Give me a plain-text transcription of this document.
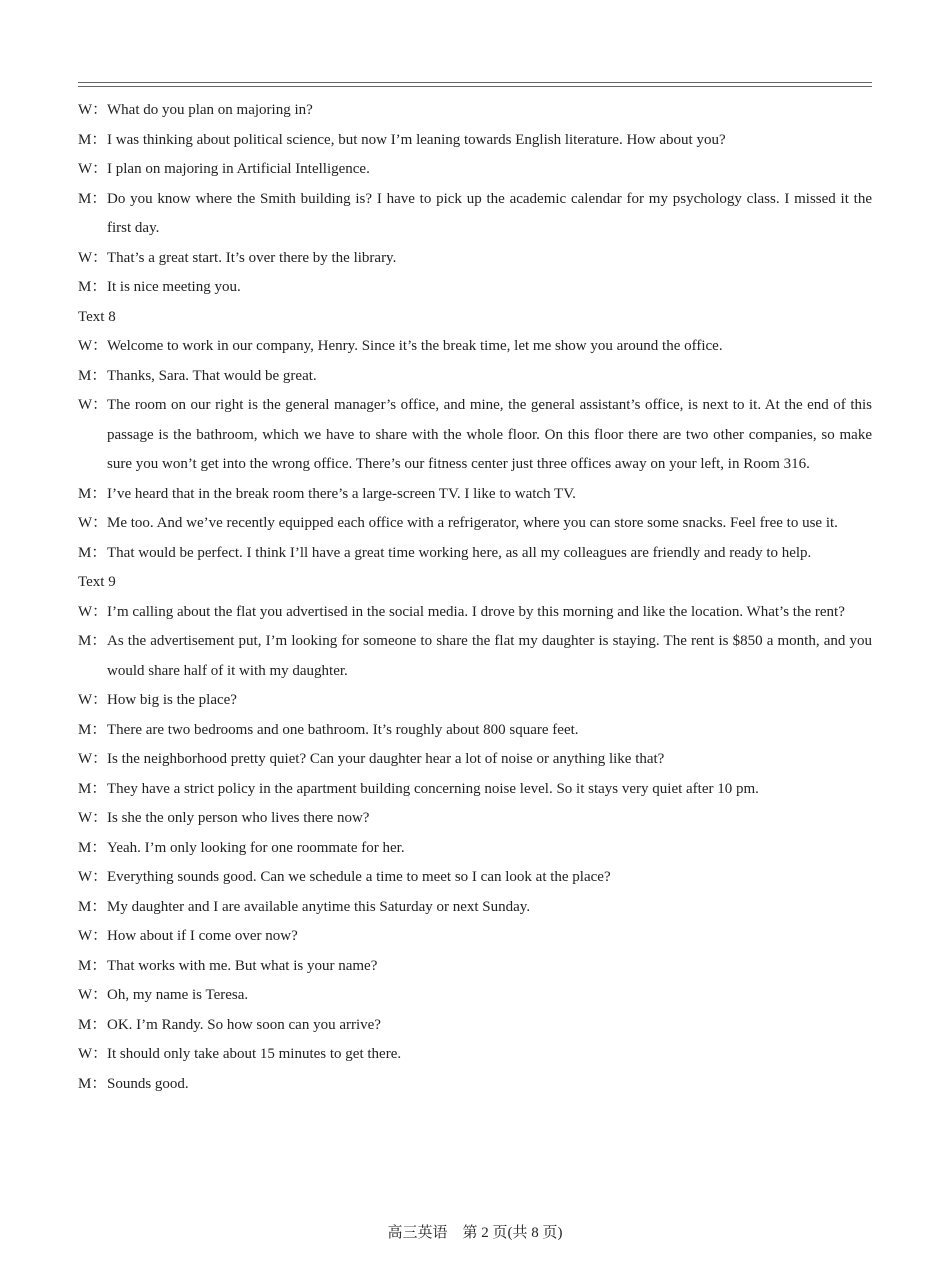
W：What do you plan on majoring in?
M：I was thinking about political science, but now I’m leaning towards English literature. How about you?
W：I plan on majoring in Artificial Intelligence.
M：Do you know where the Smith building is? I have to pick up the academic calendar for my psychology class. I missed it the first day.
W：That’s a great start. It’s over there by the library.
M：It is nice meeting you.
Text 8
W：Welcome to work in our company, Henry. Since it’s the break time, let me show you around the office.
M：Thanks, Sara. That would be great.
W：The room on our right is the general manager’s office, and mine, the general assistant’s office, is next to it. At the end of this passage is the bathroom, which we have to share with the whole floor. On this floor there are two other companies, so make sure you won’t get into the wrong office. There’s our fitness center just three offices away on your left, in Room 316.
M：I’ve heard that in the break room there’s a large-screen TV. I like to watch TV.
W：Me too. And we’ve recently equipped each office with a refrigerator, where you can store some snacks. Feel free to use it.
M：That would be perfect. I think I’ll have a great time working here, as all my colleagues are friendly and ready to help.
Text 9
W：I’m calling about the flat you advertised in the social media. I drove by this morning and like the location. What’s the rent?
M：As the advertisement put, I’m looking for someone to share the flat my daughter is staying. The rent is $850 a month, and you would share half of it with my daughter.
W：How big is the place?
M：There are two bedrooms and one bathroom. It’s roughly about 800 square feet.
W：Is the neighborhood pretty quiet? Can your daughter hear a lot of noise or anything like that?
M：They have a strict policy in the apartment building concerning noise level. So it stays very quiet after 10 pm.
W：Is she the only person who lives there now?
M：Yeah. I’m only looking for one roommate for her.
W：Everything sounds good. Can we schedule a time to meet so I can look at the place?
M：My daughter and I are available anytime this Saturday or next Sunday.
W：How about if I come over now?
M：That works with me. But what is your name?
W：Oh, my name is Teresa.
M：OK. I’m Randy. So how soon can you arrive?
W：It should only take about 15 minutes to get there.
M：Sounds good.
高三英语　第 2 页(共 8 页)
